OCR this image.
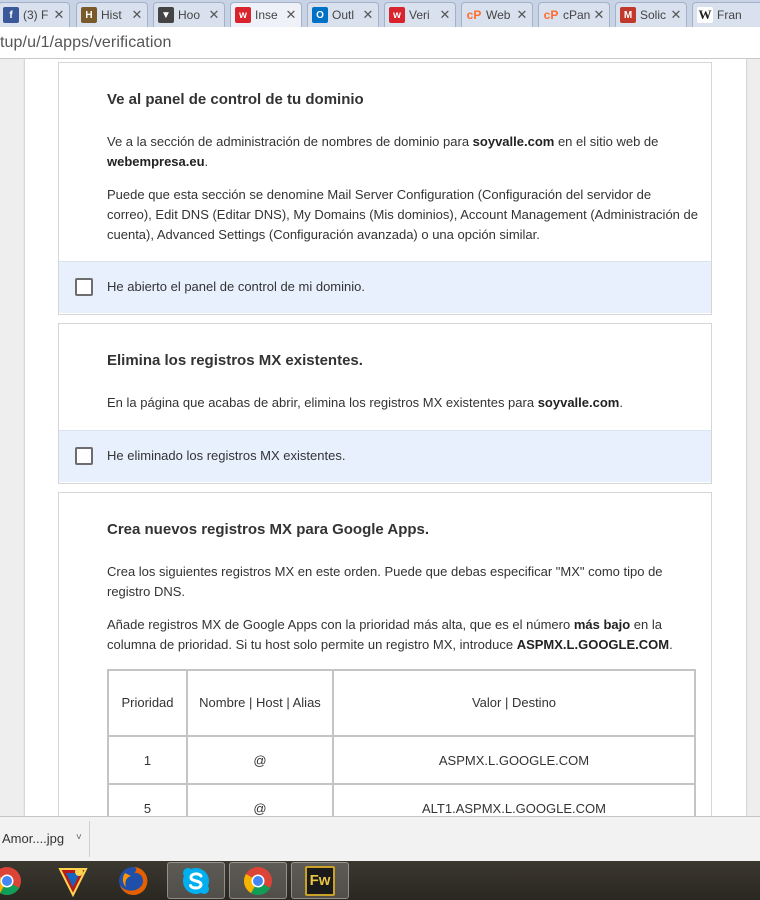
f (3) F ✕	H Hist ✕	▼ Hoo ✕	w Inse ✕	O Outl ✕	w Veri ✕ cP Web ✕ cP cPan ✕	M Solic ✕ W Fran
tup/u/1/apps/verification
Ve al panel de control de tu dominio
Ve a la sección de administración de nombres de dominio para soyvalle.com en el sitio web de webempresa.eu.
Puede que esta sección se denomine Mail Server Configuration (Configuración del servidor de correo), Edit DNS (Editar DNS), My Domains (Mis dominios), Account Management (Administración de cuenta), Advanced Settings (Configuración avanzada) o una opción similar.
He abierto el panel de control de mi dominio.
Elimina los registros MX existentes.
En la página que acabas de abrir, elimina los registros MX existentes para soyvalle.com.
He eliminado los registros MX existentes.
Crea nuevos registros MX para Google Apps.
Crea los siguientes registros MX en este orden. Puede que debas especificar "MX" como tipo de registro DNS.
Añade registros MX de Google Apps con la prioridad más alta, que es el número más bajo en la columna de prioridad. Si tu host solo permite un registro MX, introduce ASPMX.L.GOOGLE.COM.
Prioridad	Nombre | Host | Alias	Valor | Destino
1	@	ASPMX.L.GOOGLE.COM
5	@	ALT1.ASPMX.L.GOOGLE.COM
Amor....jpg ˅
Fw
